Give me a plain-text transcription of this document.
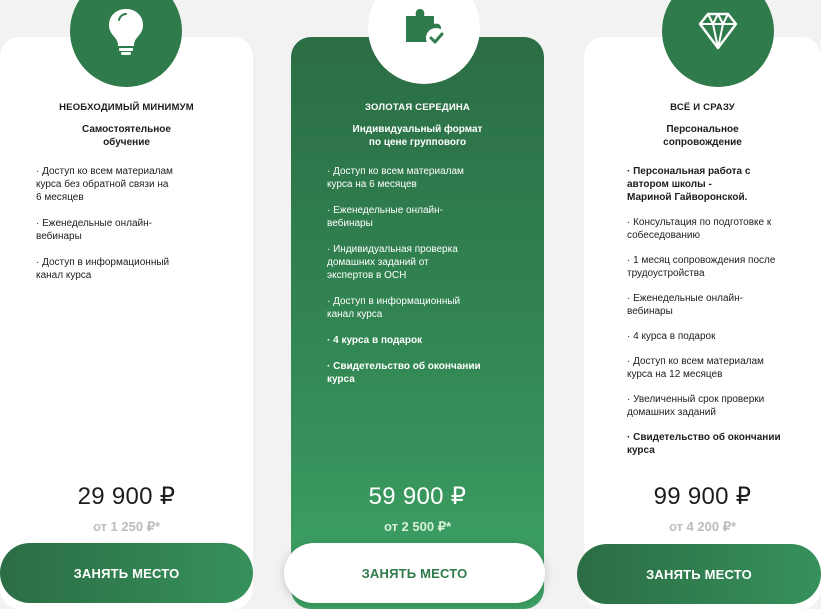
НЕОБХОДИМЫЙ МИНИМУМ
Самостоятельное
обучение
· Доступ ко всем материалам
курса без обратной связи на
6 месяцев
· Еженедельные онлайн-
вебинары
· Доступ в информационный
канал курса
29 900 ₽
от 1 250 ₽*
ЗАНЯТЬ МЕСТО
ЗОЛОТАЯ СЕРЕДИНА
Индивидуальный формат
по цене группового
· Доступ ко всем материалам
курса на 6 месяцев
· Еженедельные онлайн-
вебинары
· Индивидуальная проверка
домашних заданий от
экспертов в ОСН
· Доступ в информационный
канал курса
· 4 курса в подарок
· Свидетельство об окончании
курса
59 900 ₽
от 2 500 ₽*
ЗАНЯТЬ МЕСТО
ВСЁ И СРАЗУ
Персональное
сопровождение
· Персональная работа с
автором школы -
Мариной Гайворонской.
· Консультация по подготовке к
собеседованию
· 1 месяц сопровождения после
трудоустройства
· Еженедельные онлайн-
вебинары
· 4 курса в подарок
· Доступ ко всем материалам
курса на 12 месяцев
· Увеличенный срок проверки
домашних заданий
· Свидетельство об окончании
курса
99 900 ₽
от 4 200 ₽*
ЗАНЯТЬ МЕСТО
